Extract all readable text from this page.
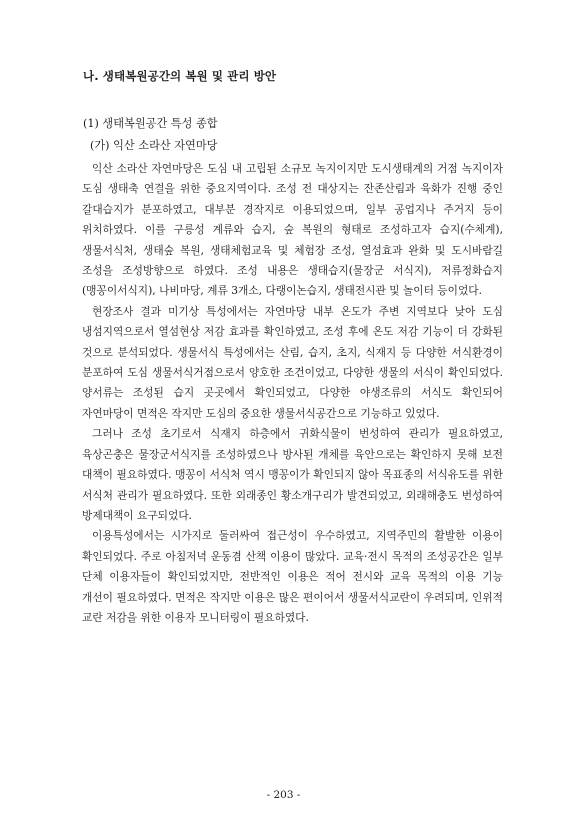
나. 생태복원공간의 복원 및 관리 방안
(1) 생태복원공간 특성 종합
(가) 익산 소라산 자연마당

익산 소라산 자연마당은 도심 내 고립된 소규모 녹지이지만 도시생태계의 거점 녹지이자 도심 생태축 연결을 위한 중요지역이다. 조성 전 대상지는 잔존산림과 육화가 진행 중인 갈대습지가 분포하였고, 대부분 경작지로 이용되었으며, 일부 공업지나 주거지 등이 위치하였다. 이를 구릉성 계류와 습지, 숲 복원의 형태로 조성하고자 습지(수체계), 생물서식처, 생태숲 복원, 생태체험교육 및 체험장 조성, 열섬효과 완화 및 도시바람길 조성을 조성방향으로 하였다. 조성 내용은 생태습지(물장군 서식지), 저류정화습지(맹꽁이서식지), 나비마당, 계류 3개소, 다랭이논습지, 생태전시관 및 놀이터 등이었다.

현장조사 결과 미기상 특성에서는 자연마당 내부 온도가 주변 지역보다 낮아 도심 냉섬지역으로서 열섬현상 저감 효과를 확인하였고, 조성 후에 온도 저감 기능이 더 강화된 것으로 분석되었다. 생물서식 특성에서는 산림, 습지, 초지, 식재지 등 다양한 서식환경이 분포하여 도심 생물서식거점으로서 양호한 조건이었고, 다양한 생물의 서식이 확인되었다. 양서류는 조성된 습지 곳곳에서 확인되었고, 다양한 야생조류의 서식도 확인되어 자연마당이 면적은 작지만 도심의 중요한 생물서식공간으로 기능하고 있었다.

그러나 조성 초기로서 식재지 하층에서 귀화식물이 번성하여 관리가 필요하였고, 육상곤충은 물장군서식지를 조성하였으나 방사된 개체를 육안으로는 확인하지 못해 보전 대책이 필요하였다. 맹꽁이 서식처 역시 맹꽁이가 확인되지 않아 목표종의 서식유도를 위한 서식처 관리가 필요하였다. 또한 외래종인 황소개구리가 발견되었고, 외래해충도 번성하여 방제대책이 요구되었다.

이용특성에서는 시가지로 둘러싸여 접근성이 우수하였고, 지역주민의 활발한 이용이 확인되었다. 주로 아침저녁 운동겸 산책 이용이 많았다. 교육·전시 목적의 조성공간은 일부 단체 이용자들이 확인되었지만, 전반적인 이용은 적어 전시와 교육 목적의 이용 기능 개선이 필요하였다. 면적은 작지만 이용은 많은 편이어서 생물서식교란이 우려되며, 인위적 교란 저감을 위한 이용자 모니터링이 필요하였다.

- 203 -
